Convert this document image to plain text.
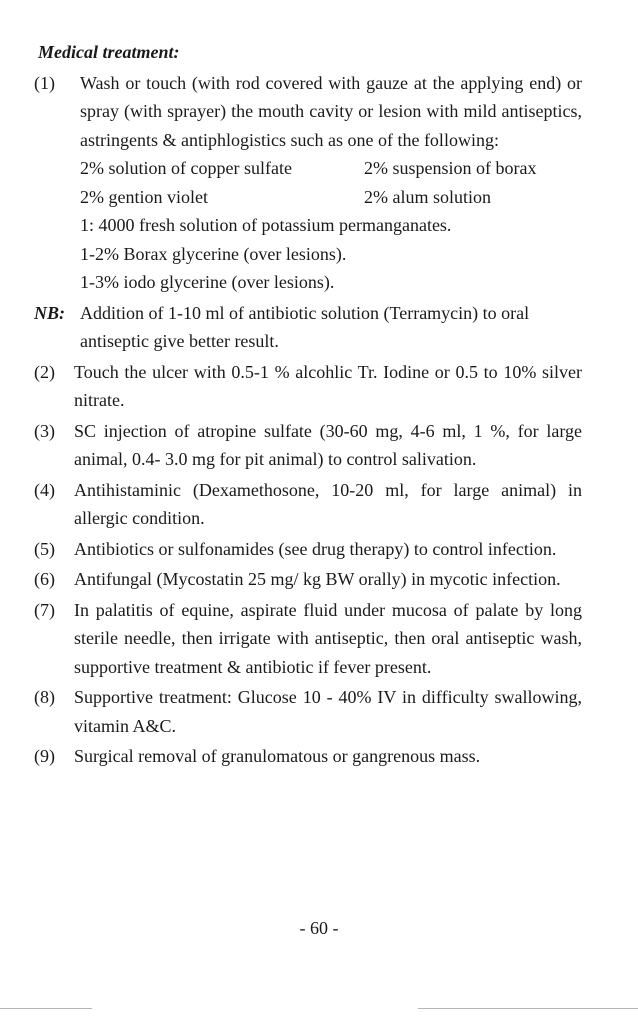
Medical treatment:
(1) Wash or touch (with rod covered with gauze at the applying end) or spray (with sprayer) the mouth cavity or lesion with mild antiseptics, astringents & antiphlogistics such as one of the following:
2% solution of copper sulfate	2% suspension of borax
2% gention violet	2% alum solution
1: 4000 fresh solution of potassium permanganates.
1-2% Borax glycerine (over lesions).
1-3% iodo glycerine (over lesions).
NB: Addition of 1-10 ml of antibiotic solution (Terramycin) to oral antiseptic give better result.
(2) Touch the ulcer with 0.5-1 % alcohlic Tr. Iodine or 0.5 to 10% silver nitrate.
(3) SC injection of atropine sulfate (30-60 mg, 4-6 ml, 1 %, for large animal, 0.4- 3.0 mg for pit animal) to control salivation.
(4) Antihistaminic (Dexamethosone, 10-20 ml, for large animal) in allergic condition.
(5) Antibiotics or sulfonamides (see drug therapy) to control infection.
(6) Antifungal (Mycostatin 25 mg/ kg BW orally) in mycotic infection.
(7) In palatitis of equine, aspirate fluid under mucosa of palate by long sterile needle, then irrigate with antiseptic, then oral antiseptic wash, supportive treatment & antibiotic if fever present.
(8) Supportive treatment: Glucose 10 - 40% IV in difficulty swallowing, vitamin A&C.
(9) Surgical removal of granulomatous or gangrenous mass.
- 60 -
